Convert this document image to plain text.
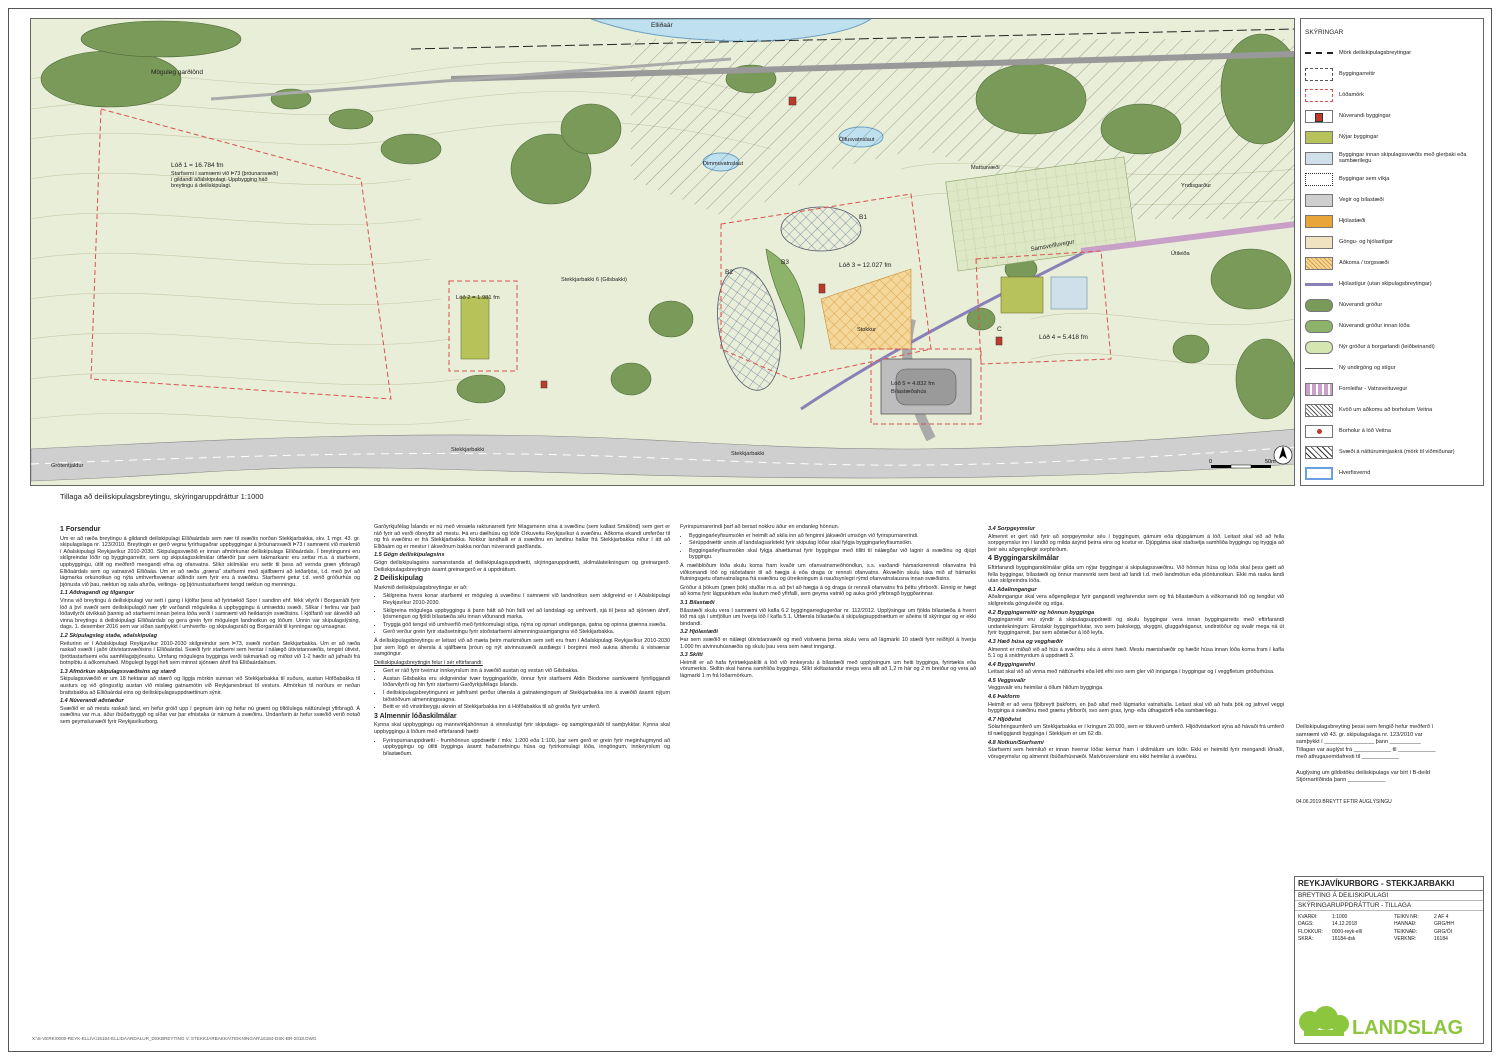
Möguleg garðlönd
Lóð 1 = 16.784 fm
Lóð 2 = 1.981 fm
Lóð 3 = 12.027 fm
Lóð 4 = 5.418 fm
Lóð 5 = 4.832 fm
Bílastæðahús
B1
B2
B3
C
Stekkjarbakki 6 (Gilsbakki)
Elliðaár
Ölfusvatnslaut
Dimmuvatnslaut
Mattssvæði
Yndisgarður
Útileiða
Samsveifluvegur
Stokkur
Grötentjaldur
Stekkjarbakki
Stekkjarbakki
Starfsemi í samræmi við Þ73 (þróunarsvæði) í gildandi aðalskipulagi. Uppbygging háð breytingu á deiliskipulagi.
0	50m
SKÝRINGAR
Mörk deiliskipulagsbreytingar
Byggingarreitir
Lóðamörk
Núverandi byggingar
Nýjar byggingar
Byggingar innan skipulagssvæðis með glerþaki eða sambærilegu
Byggingar sem víkja
Vegir og bílastæði
Hjólastæði
Göngu- og hjólastígar
Aðkoma / torgsvæði
Hjólastígur (utan skipulagsbreytingar)
Núverandi gróður
Núverandi gróður innan lóða
Nýr gróður á borgarlandi (leiðbeinandi)
Ný undirgöng og stígur
Fornleifar - Vatnsveituvegur
Kvöð um aðkomu að borholum Veitna
Borholur á lóð Veitna
Svæði á náttúruminjaskrá (mörk til viðmiðunar)
Hverfisvernd
Tillaga að deiliskipulagsbreytingu, skýringaruppdráttur 1:1000
1 Forsendur

Um er að ræða breytingu á gildandi deiliskipulagi Elliðaárdals sem nær til svæðis norðan Stekkjarbakka, skv. 1 mgr. 43. gr. skipulagslaga nr. 123/2010. Breytingin er gerð vegna fyrirhugaðrar uppbyggingar á þróunarsvæði Þ73 í samræmi við markmið í Aðalskipulagi Reykjavíkur 2010-2030. Skipulagssvæðið er innan afmörkunar deiliskipulags Elliðaárdals. Í breytingunni eru skilgreindar lóðir og byggingarreitir, sem og skipulagsskilmálar útfærðir þar sem takmarkanir eru settar m.a. á starfsemi, uppbyggingu, útlit og meðferð mengandi efna og ofanvatns. Slíkir skilmálar eru settir til þess að vernda græn yfirbragð Elliðaárdals sem og vatnasvið Elliðaáa. Um er að ræða „græna“ starfsemi með sjálfbærni að leiðarljósi, t.d. með því að lágmarka orkunotkun og nýta umhverfisvænar aðlindir sem fyrir eru á svæðinu. Starfsemi getur t.d. verið gróðurhús og þjónusta við þau, ræktun og sala afurða, veitinga- og þjónustustarfsemi tengd ræktun og menningu.

1.1 Aðdragandi og tilgangur

Vinna við breytingu á deiliskipulagi var sett í gang í kjölfar þess að fyrirtækið Spor í sandinn ehf. fékk vilyrði í Borgarráði fyrir lóð á því svæði sem deiliskipulagið nær yfir varðandi möguleika á uppbyggingu á umræddu svæði. Slíkar í ferlinu var það lóðavilyrði útvíkkað þannig að starfsemi innan þeirra lóða verði í samræmi við heildarsýn svæðisins. Í kjölfarið var ákveðið að vinna breytingu á deiliskipulagi Elliðaárdals og gera grein fyrir mögulegri landnotkun og lóðum. Unnin var skipulagslýsing, dags. 1. desember 2016 sem var síðan samþykkt í umhverfis- og skipulagsráði og Borgarráði til kynningar og umsagnar.

1.2 Skipulagsleg staða, aðalskipulag

Reiturinn er í Aðalskipulagi Reykjavíkur 2010-2030 skilgreindur sem Þ73, svæði norðan Stekkjarbakka. Um er að ræða raskað svæði í jaðri útivistarsvæðisins í Elliðaárdal. Svæði fyrir starfsemi sem hentar í nálægð útivistarsvæðis, tengist útivist, íþróttastarfsemi eða samfélagsþjónustu. Umfang mögulegra bygginga verði takmarkað og miðist við 1-2 hæðir að jafnaði frá botnplötu á aðkomuhæð. Mögulegt byggt hefi sem minnst sjónræn áhrif frá Elliðaárdalnum.

1.3 Afmörkun skipulagssvæðisins og stærð

Skipulagssvæðið er um 18 hektarar að stærð og liggja mörkin sunnan við Stekkjarbakka til suðurs, austan Höfðabakka til austurs og við göngustíg austan við mislæg gatnamótin við Reykjanesbraut til vesturs. Afmörkun til norðurs er neðan brattsbakka að Elliðaárdal eins og deiliskipulagsuppdrættinum sýnir.

1.4 Núverandi aðstæður

Svæðið er að mestu raskað land, en hefur gróið upp í gegnum árin og hefur nú grænt og tiltölulega náttúrulegt yfirbragð. Á svæðinu var m.a. áður íbúðarbyggð og síðar var þar efnistaka úr námum á svæðinu. Undanfarin ár hefur svæðið verið notað sem geymslusvæði fyrir Reykjavíkurborg.

Garðyrkjufélag Íslands er nú með vinsæla raktunarreiti fyrir félagsmenn sína á svæðinu (sem kallast Smálönd) sem gert er ráð fyrir að verði óbreyttir að mestu. Þá eru dælhúsu og lóðir Orkuveitu Reykjavíkur á svæðinu. Aðkoma ekandi umferðar til og frá svæðinu er frá Stekkjarbakka. Nokkur landhalli er á svæðinu en landinu hallar frá Stekkjarbakka niður í átt að Elliðaám og er mestur í ákveðnum bakka norðan núverandi garðlanda.

1.5 Gögn deiliskipulagsins

Gögn deiliskipulagsins samanstanda af deiliskipulagsuppdrætti, skýringaruppdrætti, skilmálateikningum og greinargerð. Deiliskipulagsbreytingin ásamt greinargerð er á uppdráttum.

2 Deiliskipulag

Markmið deiliskipulagsbreytingar er að:

• Skilgreina hvers konar starfsemi er möguleg á svæðinu í samræmi við landnotkun sem skilgreind er í Aðalskipulagi Reykjavíkur 2010-2030.
• Skilgreina mögulega uppbyggingu á þann hátt að hún falli vel að landslagi og umhverfi, sjá til þess að sjónræn áhrif, ljósmengun og fjöldi bílastæða séu innan viðunandi marka.
• Tryggja góð tengsl við umhverfið með fyrirkomulagi stíga, nýrra og opnari undirganga, gatna og opinna grænna svæða.
• Gerð verður grein fyrir staðsetningu fyrir stoðstarfsemi almenningssamgangna við Stekkjarbakka.

Á deiliskipulagsbreytingu er leitast við að mæta þeim markmiðum sem sett eru fram í Aðalskipulagi Reykjavíkur 2010-2030 þar sem lögð er áhersla á sjálfbæra þróun og nýt atvinnusvæði austlægs í borginni með aukna áherslu á vistvænar samgöngur.

Deiliskipulagsbreytingin felur í sér eftirfarandi:

• Gert er ráð fyrir tveimur innkeyrslum inn á svæðið austan og vestan við Gilsbakka.
• Austan Gilsbakka eru skilgreindar tvær byggingarlóðir, önnur fyrir starfsemi Aldin Biodome samkvæmt fyrirliggjandi lóðarvilyrði og hin fyrir starfsemi Garðyrkjufélags Íslands.
• Í deiliskipulagsbreytingunni er jafnframt gerður úfærsla á gatnatengingum af Stekkjarbakka inn á svæðið ásamt nýjum biðstöðvum almenningsvagna.
• Beitt er við vinstribeygju akrein af Stekkjarbakka inn á Höfðabakka til að greiða fyrir umferð.
3 Almennir lóðaskilmálar

Kynna skal uppbyggingu og mannvirkjahönnun á vinnslustigi fyrir skipulags- og samgönguráði til samþykktar. Kynna skal uppbyggingu á lóðum með eftirfarandi hætti:

• Fyrirspurnaruppdrætti - frumhönnun uppdrættir í mkv. 1:200 eða 1:100, þar sem gerð er grein fyrir meginhugmynd að uppbyggingu og útliti bygginga ásamt haðarsetningu húsa og fyrirkomulagi lóða, inngöngum, innkeyrslum og bílastæðum.

Fyrirspurnarerindi þarf að berast nokkru áður en endanleg hönnun.

• Byggingarleyfisumsókn er heimilt að skila inn að fenginni jákvæðri umsögn við fyrirspurnarerindi.
• Sérúppdrættir unnin af landslagsarkitekt fyrir skipulag lóðar skal fylgja byggingarleyfisumsókn.
• Byggingarleyfisumsókn skal fylgja áhættumat fyrir byggingar með tilliti til nálægðar við lagnir á svæðinu og djúpt byggingu.

Á mæliblöðum lóða skulu koma fram kvaðir um ofanvatnsmeðhöndlun, s.s. varðandi hámarksrennsli ofanvatns frá viðkomandi lóð og ráðstafanir til að hægja á eða draga úr rennsli ofanvatns. Ákvæðin skulu taka mið af hámarks flutningsgetu ofanvatnslagna frá svæðinu og útreikningum á nauðsynlegri rýmd ofanvatnslausna innan svæðisins.

Gróður á þökum (græn þök) stuðlar m.a. að því að hægja á og draga úr rennsli ofanvatns frá þéttu yfirborði. Einnig er hægt að koma fyrir lágpunktum eða lautum með yfirfalli, sem geyma vatnið og auka gróð yfirbragð byggðarinnar.

3.1 Bílastæði

Bílastæði skulu vera í samræmi við kafla 6.2 byggingarreglugerðar nr. 112/2012. Upplýsingar um fjölda bílastæða á hverri lóð má sjá í umfjöllun um hverja lóð í kafla 5.1. Útfærsla bílastæða á skipulagsuppdrættum er aðeins til skýringar og er ekki bindandi.

3.2 Hjólastæði

Þar sem svæðið er nálægt útivistarsvæði og með vistvæna þema skulu vera að lágmarki 10 stæði fyrir reiðhjól á hverja 1.000 fm atvinnuhúsnæðis og skulu þau vera sem næst inngangi.

3.3 Skilti

Heimilt er að hafa fyrirtækjaskilti á lóð við innkeyrslu á bílastæði með upplýsingum um heiti bygginga, fyrirtækis eða vörumerkis. Skiltin skal hanna samhliða byggingu. Slíkt skiltastandur mega vera allt að 1,2 m hár og 2 m breiður og vera að lágmarki 1 m frá lóðarmörkum.

3.4 Sorpgeymslur

Almennt er gert ráð fyrir að sorpgeymslur séu í byggingum, gámum eða djúpgámum á lóð. Leitast skal við að fella sorpgeymslur inn í landið og milda ásýnd þeirra eins og kostur er. Djúpgáma skal staðsetja samhliða byggingu og tryggja að þeir séu aðgengilegir sorphirðum.

4 Byggingarskilmálar

Eftirfarandi byggingarskilmálar gilda um nýjar byggingar á skipulagssvæðinu. Við hönnun húsa og lóða skal þess gætt að fella byggingar, bílastæði og önnur mannvirki sem best að landi t.d. með landmótun eða plöntunotkun. Ekki má raska landi utan skilgreindra lóða.

4.1 Aðalinngangur

Aðalinngangur skal vera aðgengilegur fyrir gangandi vegfarendur sem og frá bílastæðum á viðkomandi lóð og tengdur við skilgreinda gönguleiðir og stíga.

4.2 Byggingarreitir og hönnun bygginga

Byggingarreitir eru sýndir á skipulagsuppdrætti og skulu byggingar vera innan byggingarreits með eftirfarandi undantekningum: Einstakir byggingarhlutar, svo sem þakskegg, skyggni, gluggafráganur, undirstöður og svalir mega ná út fyrir byggingarreit, þar sem aðstæður á lóð leyfa.

4.3 Hæð húsa og vegghæðir

Almennt er miðað við að hús á svæðinu séu á einni hæð. Mestu mænishæðir og hæðir húsa innan lóða koma fram í kafla 5.1 og á snidmyndum á uppdrætti 3.

4.4 Byggingarefni

Leitast skal við að vinna með náttúruefni eða létt efni svo sem gler við innganga í byggingar og í veggfletum gróðurhúsa.

4.5 Veggsvalir

Veggsvalir eru heimilar á öllum hliðum bygginga.

4.6 Þakform

Heimilt er að vera fjölbreytt þakform, en það altaf með lágmarks vatnshalla. Leitast skal við að hafa þök og jafnvel veggi bygginga á svæðinu með grænu yfirborði, svo sem gras, lyng- eða úthagatorfi eða sambærilegu.

4.7 Hljóðvist

Sólarhringsumferð um Stekkjarbakka er í kringum 20.000, sem er töluverð umferð. Hljóðvistarkort sýna að hávaði frá umferð til næliggjandi bygginga í Stekkjum er um 62 db.

4.8 Notkun/Starfsemi

Starfsemi sem heimiluð er innan hverrar lóðar kemur fram í skilmálum um lóðir. Ekki er heimild fyrir mengandi iðnaði, vörugeymslur og almennt íbúðarhúsnæði. Matvöruverslanir eru ekki heimilar á svæðinu.

Deiliskipulagsbreyting þessi sem fengið hefur meðferð í
samræmi við 43. gr. skipulagslaga nr. 123/2010 var
samþykkt í ________________ þann __________
Tillagan var auglýst frá ____________ til ____________
með athugasemdafresti til ____________
Auglýsing um gildistöku deiliskipulags var birt í B-deild
Stjórnartíðinda þann ____________
04.06.2019 BREYTT EFTIR AUGLÝSINGU
REYKJAVÍKURBORG - STEKKJARBAKKI
BREYTING Á DEILISKIPULAGI
SKÝRINGARUPPDRÁTTUR - TILLAGA
KVARÐI:	1:1000	TEIKN NR:	2 AF 4
DAGS:	14.12.2018	HANNAÐ:	GRG/HH
FLOKKUR:	0000-reyk-ellí	TEIKNAÐ:	GRG/ÖI
SKRÁ:	16184-dsk	VERKNR:	16184
LANDSLAG
X:\S-VERK\0000-REYK-ELLI\A\16184-ELLIDAARDALUR_DSKBREYTING V. STEKKJARBAKKA\TEIKNINGAR\16184-DSK-BR-2018.DWG
